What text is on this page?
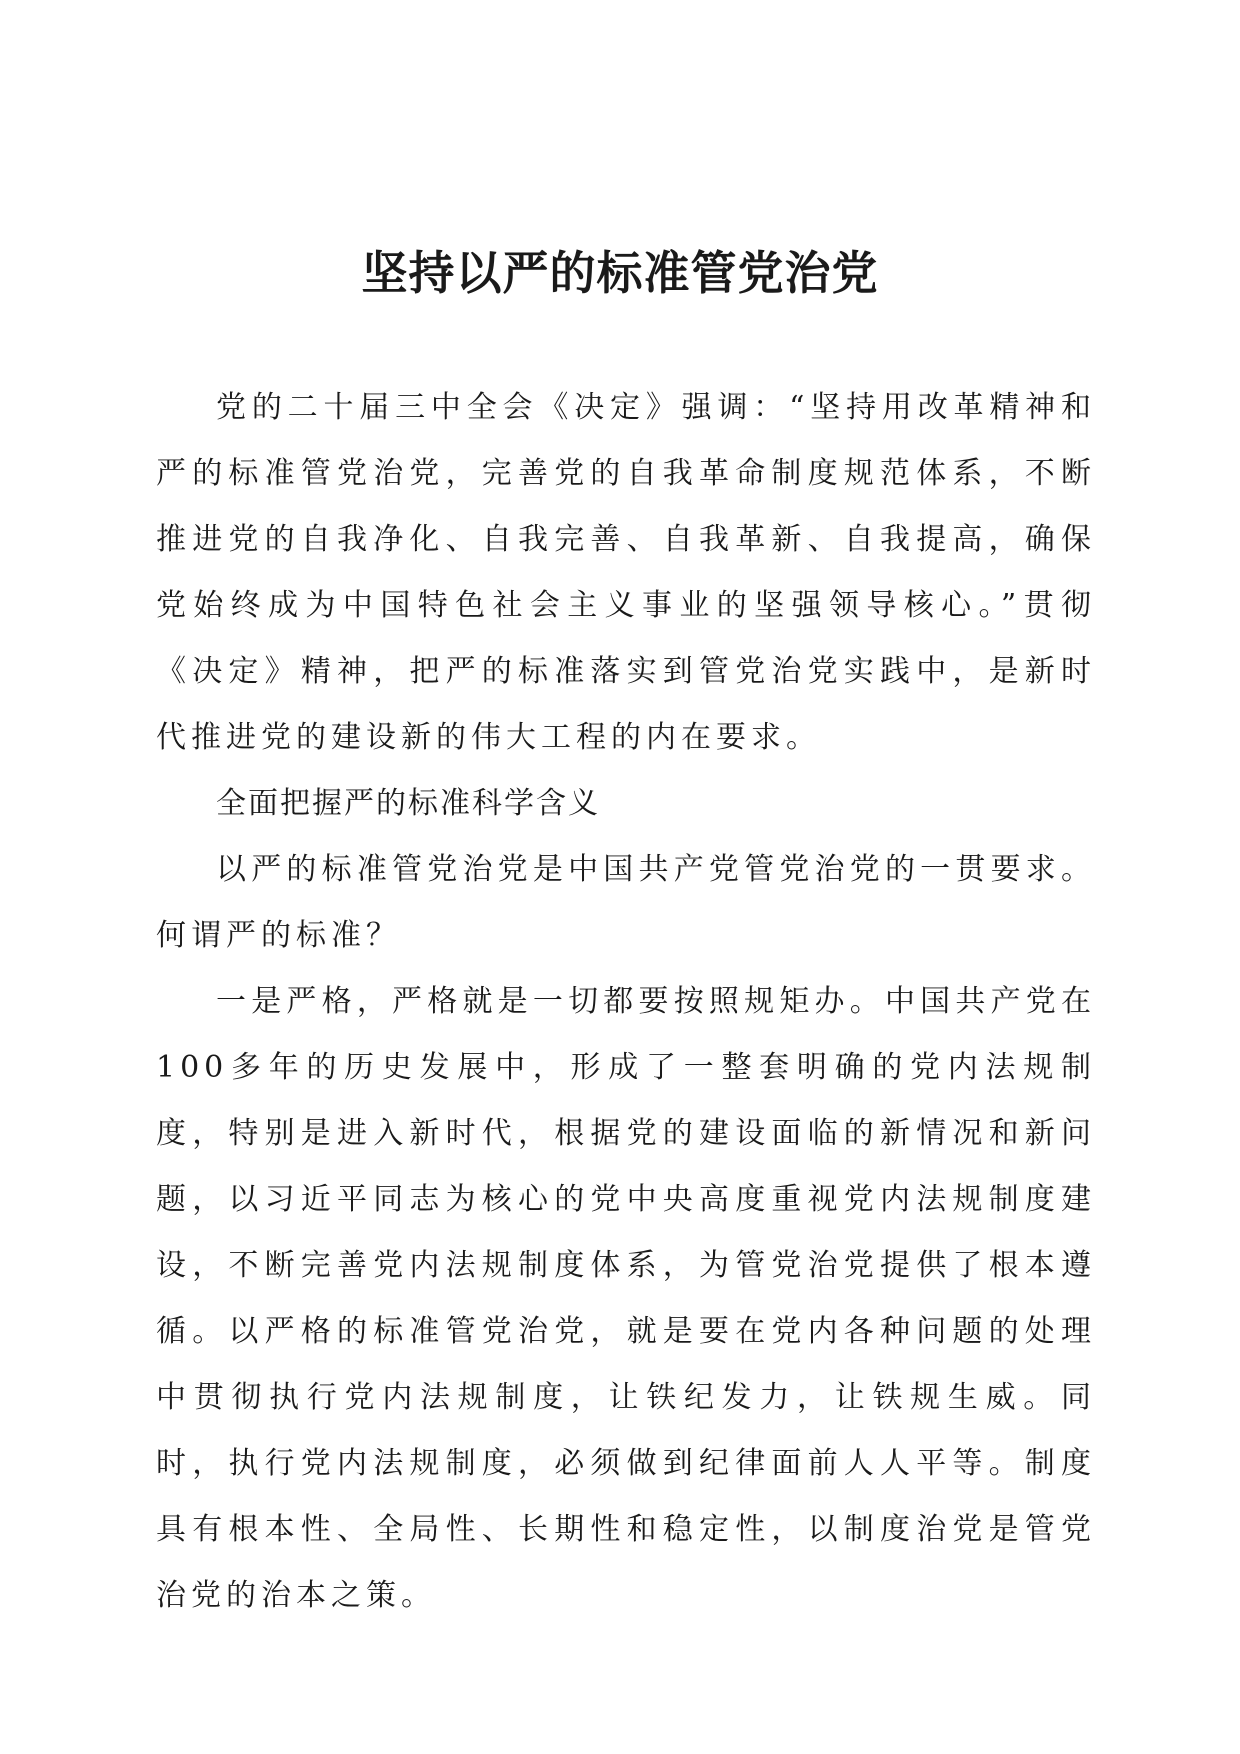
坚持以严的标准管党治党

党的二十届三中全会《决定》强调：“坚持用改革精神和严的标准管党治党，完善党的自我革命制度规范体系，不断推进党的自我净化、自我完善、自我革新、自我提高，确保党始终成为中国特色社会主义事业的坚强领导核心。”贯彻《决定》精神，把严的标准落实到管党治党实践中，是新时代推进党的建设新的伟大工程的内在要求。

全面把握严的标准科学含义

以严的标准管党治党是中国共产党管党治党的一贯要求。何谓严的标准？

一是严格，严格就是一切都要按照规矩办。中国共产党在100多年的历史发展中，形成了一整套明确的党内法规制度，特别是进入新时代，根据党的建设面临的新情况和新问题，以习近平同志为核心的党中央高度重视党内法规制度建设，不断完善党内法规制度体系，为管党治党提供了根本遵循。以严格的标准管党治党，就是要在党内各种问题的处理中贯彻执行党内法规制度，让铁纪发力，让铁规生威。同时，执行党内法规制度，必须做到纪律面前人人平等。制度具有根本性、全局性、长期性和稳定性，以制度治党是管党治党的治本之策。
